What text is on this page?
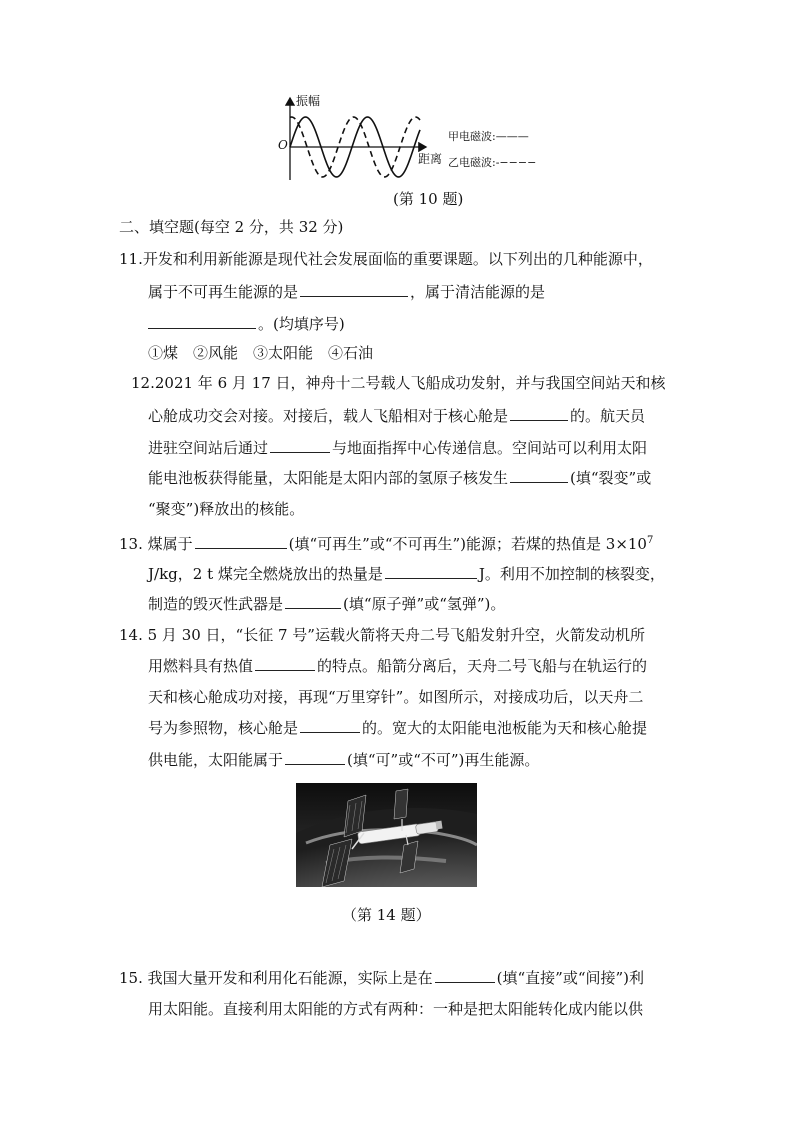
振幅
O
距离
甲电磁波:———
乙电磁波:-−−−−
(第 10 题)
二、填空题(每空 2 分，共 32 分)
11.开发和利用新能源是现代社会发展面临的重要课题。以下列出的几种能源中，
属于不可再生能源的是	，属于清洁能源的是
。(均填序号)
①煤　②风能　③太阳能　④石油
12.2021 年 6 月 17 日，神舟十二号载人飞船成功发射，并与我国空间站天和核
心舱成功交会对接。对接后，载人飞船相对于核心舱是	的。航天员
进驻空间站后通过	与地面指挥中心传递信息。空间站可以利用太阳
能电池板获得能量，太阳能是太阳内部的氢原子核发生	(填“裂变”或
“聚变”)释放出的核能。
13. 煤属于	(填“可再生”或“不可再生”)能源；若煤的热值是 $3\times 10^7$
J/kg，2 t 煤完全燃烧放出的热量是	J。利用不加控制的核裂变，
制造的毁灭性武器是	(填“原子弹”或“氢弹”)。
14. 5 月 30 日，“长征 7 号”运载火箭将天舟二号飞船发射升空，火箭发动机所
用燃料具有热值	的特点。船箭分离后，天舟二号飞船与在轨运行的
天和核心舱成功对接，再现“万里穿针”。如图所示，对接成功后，以天舟二
号为参照物，核心舱是	的。宽大的太阳能电池板能为天和核心舱提
供电能，太阳能属于	(填“可”或“不可”)再生能源。
（第 14 题）
15. 我国大量开发和利用化石能源，实际上是在	(填“直接”或“间接”)利
用太阳能。直接利用太阳能的方式有两种：一种是把太阳能转化成内能以供
